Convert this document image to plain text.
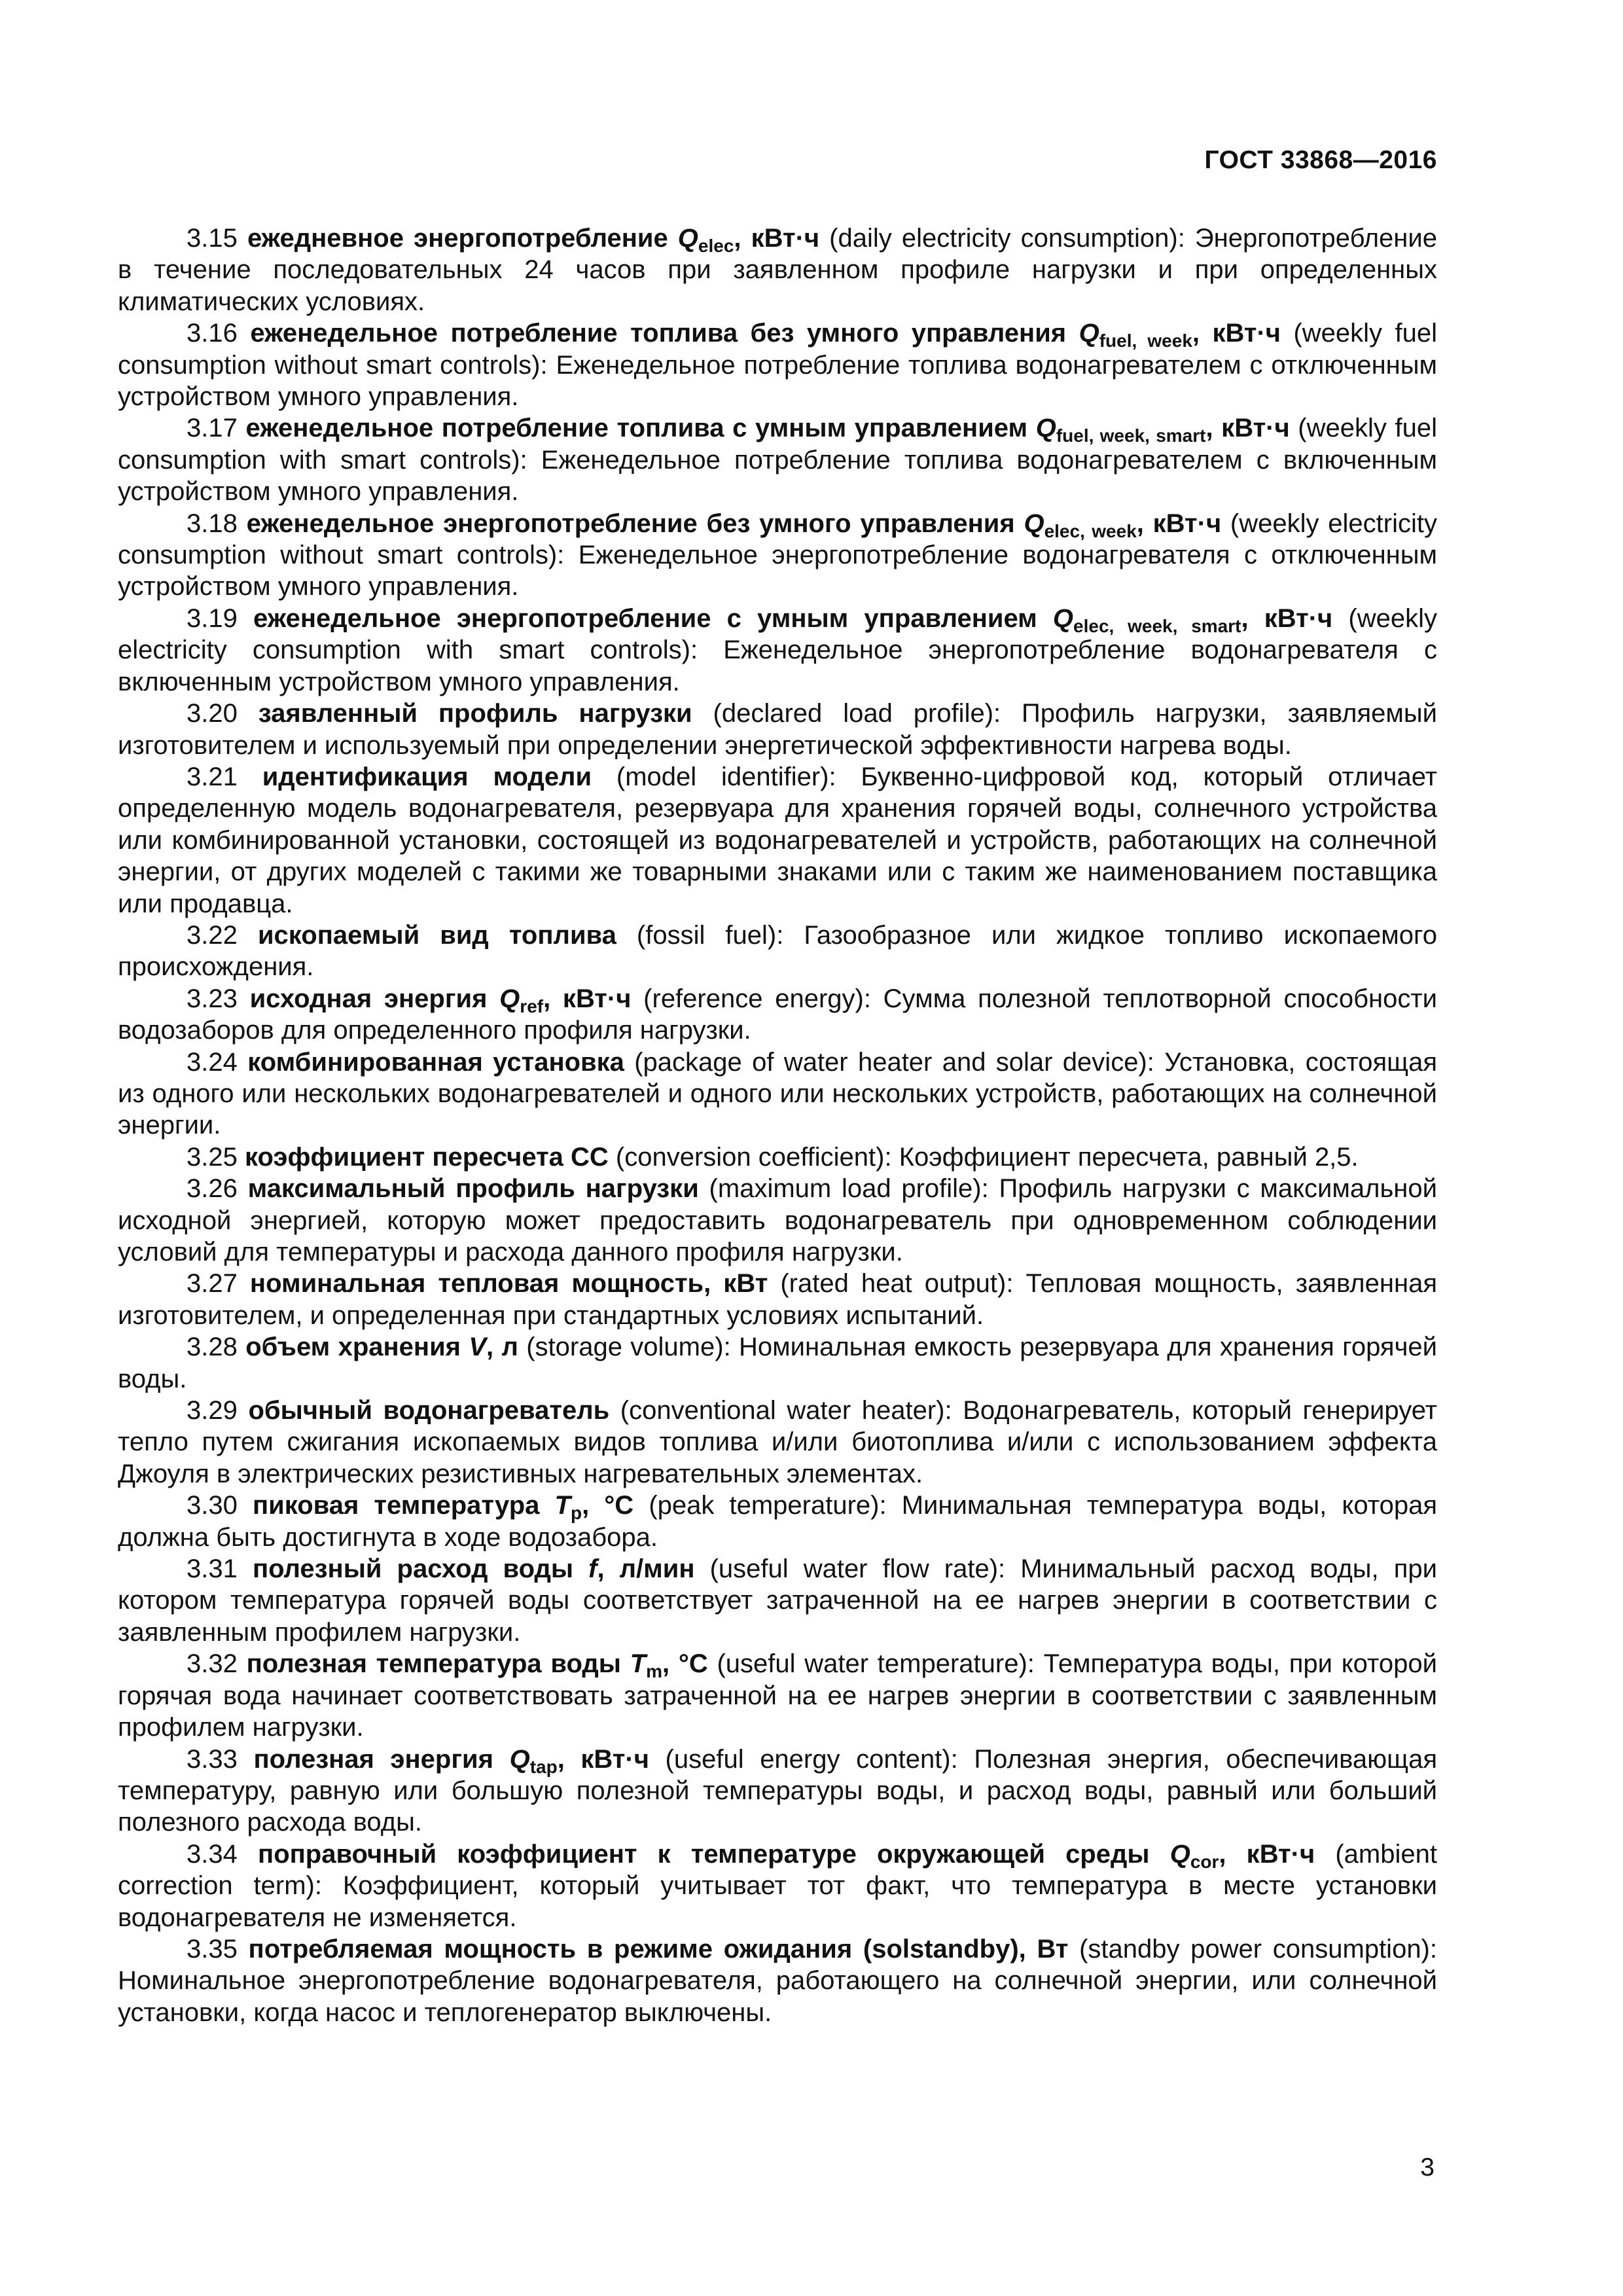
ГОСТ 33868—2016

3.15 ежедневное энергопотребление $Q_{elec}$, кВт·ч (daily electricity consumption): Энергопотребление в течение последовательных 24 часов при заявленном профиле нагрузки и при определенных климатических условиях.

3.16 еженедельное потребление топлива без умного управления $Q_{fuel, week}$, кВт·ч (weekly fuel consumption without smart controls): Еженедельное потребление топлива водонагревателем с отключенным устройством умного управления.

3.17 еженедельное потребление топлива с умным управлением $Q_{fuel, week, smart}$, кВт·ч (weekly fuel consumption with smart controls): Еженедельное потребление топлива водонагревателем с включенным устройством умного управления.

3.18 еженедельное энергопотребление без умного управления $Q_{elec, week}$, кВт·ч (weekly electricity consumption without smart controls): Еженедельное энергопотребление водонагревателя с отключенным устройством умного управления.

3.19 еженедельное энергопотребление с умным управлением $Q_{elec, week, smart}$, кВт·ч (weekly electricity consumption with smart controls): Еженедельное энергопотребление водонагревателя с включенным устройством умного управления.

3.20 заявленный профиль нагрузки (declared load profile): Профиль нагрузки, заявляемый изготовителем и используемый при определении энергетической эффективности нагрева воды.

3.21 идентификация модели (model identifier): Буквенно-цифровой код, который отличает определенную модель водонагревателя, резервуара для хранения горячей воды, солнечного устройства или комбинированной установки, состоящей из водонагревателей и устройств, работающих на солнечной энергии, от других моделей с такими же товарными знаками или с таким же наименованием поставщика или продавца.

3.22 ископаемый вид топлива (fossil fuel): Газообразное или жидкое топливо ископаемого происхождения.

3.23 исходная энергия $Q_{ref}$, кВт·ч (reference energy): Сумма полезной теплотворной способности водозаборов для определенного профиля нагрузки.

3.24 комбинированная установка (package of water heater and solar device): Установка, состоящая из одного или нескольких водонагревателей и одного или нескольких устройств, работающих на солнечной энергии.

3.25 коэффициент пересчета СС (conversion coefficient): Коэффициент пересчета, равный 2,5.

3.26 максимальный профиль нагрузки (maximum load profile): Профиль нагрузки с максимальной исходной энергией, которую может предоставить водонагреватель при одновременном соблюдении условий для температуры и расхода данного профиля нагрузки.

3.27 номинальная тепловая мощность, кВт (rated heat output): Тепловая мощность, заявленная изготовителем, и определенная при стандартных условиях испытаний.

3.28 объем хранения V, л (storage volume): Номинальная емкость резервуара для хранения горячей воды.

3.29 обычный водонагреватель (conventional water heater): Водонагреватель, который генерирует тепло путем сжигания ископаемых видов топлива и/или биотоплива и/или с использованием эффекта Джоуля в электрических резистивных нагревательных элементах.

3.30 пиковая температура $T_p$, °С (peak temperature): Минимальная температура воды, которая должна быть достигнута в ходе водозабора.

3.31 полезный расход воды f, л/мин (useful water flow rate): Минимальный расход воды, при котором температура горячей воды соответствует затраченной на ее нагрев энергии в соответствии с заявленным профилем нагрузки.

3.32 полезная температура воды $T_m$, °С (useful water temperature): Температура воды, при которой горячая вода начинает соответствовать затраченной на ее нагрев энергии в соответствии с заявленным профилем нагрузки.

3.33 полезная энергия $Q_{tap}$, кВт·ч (useful energy content): Полезная энергия, обеспечивающая температуру, равную или большую полезной температуры воды, и расход воды, равный или больший полезного расхода воды.

3.34 поправочный коэффициент к температуре окружающей среды $Q_{cor}$, кВт·ч (ambient correction term): Коэффициент, который учитывает тот факт, что температура в месте установки водонагревателя не изменяется.

3.35 потребляемая мощность в режиме ожидания (solstandby), Вт (standby power consumption): Номинальное энергопотребление водонагревателя, работающего на солнечной энергии, или солнечной установки, когда насос и теплогенератор выключены.

3
